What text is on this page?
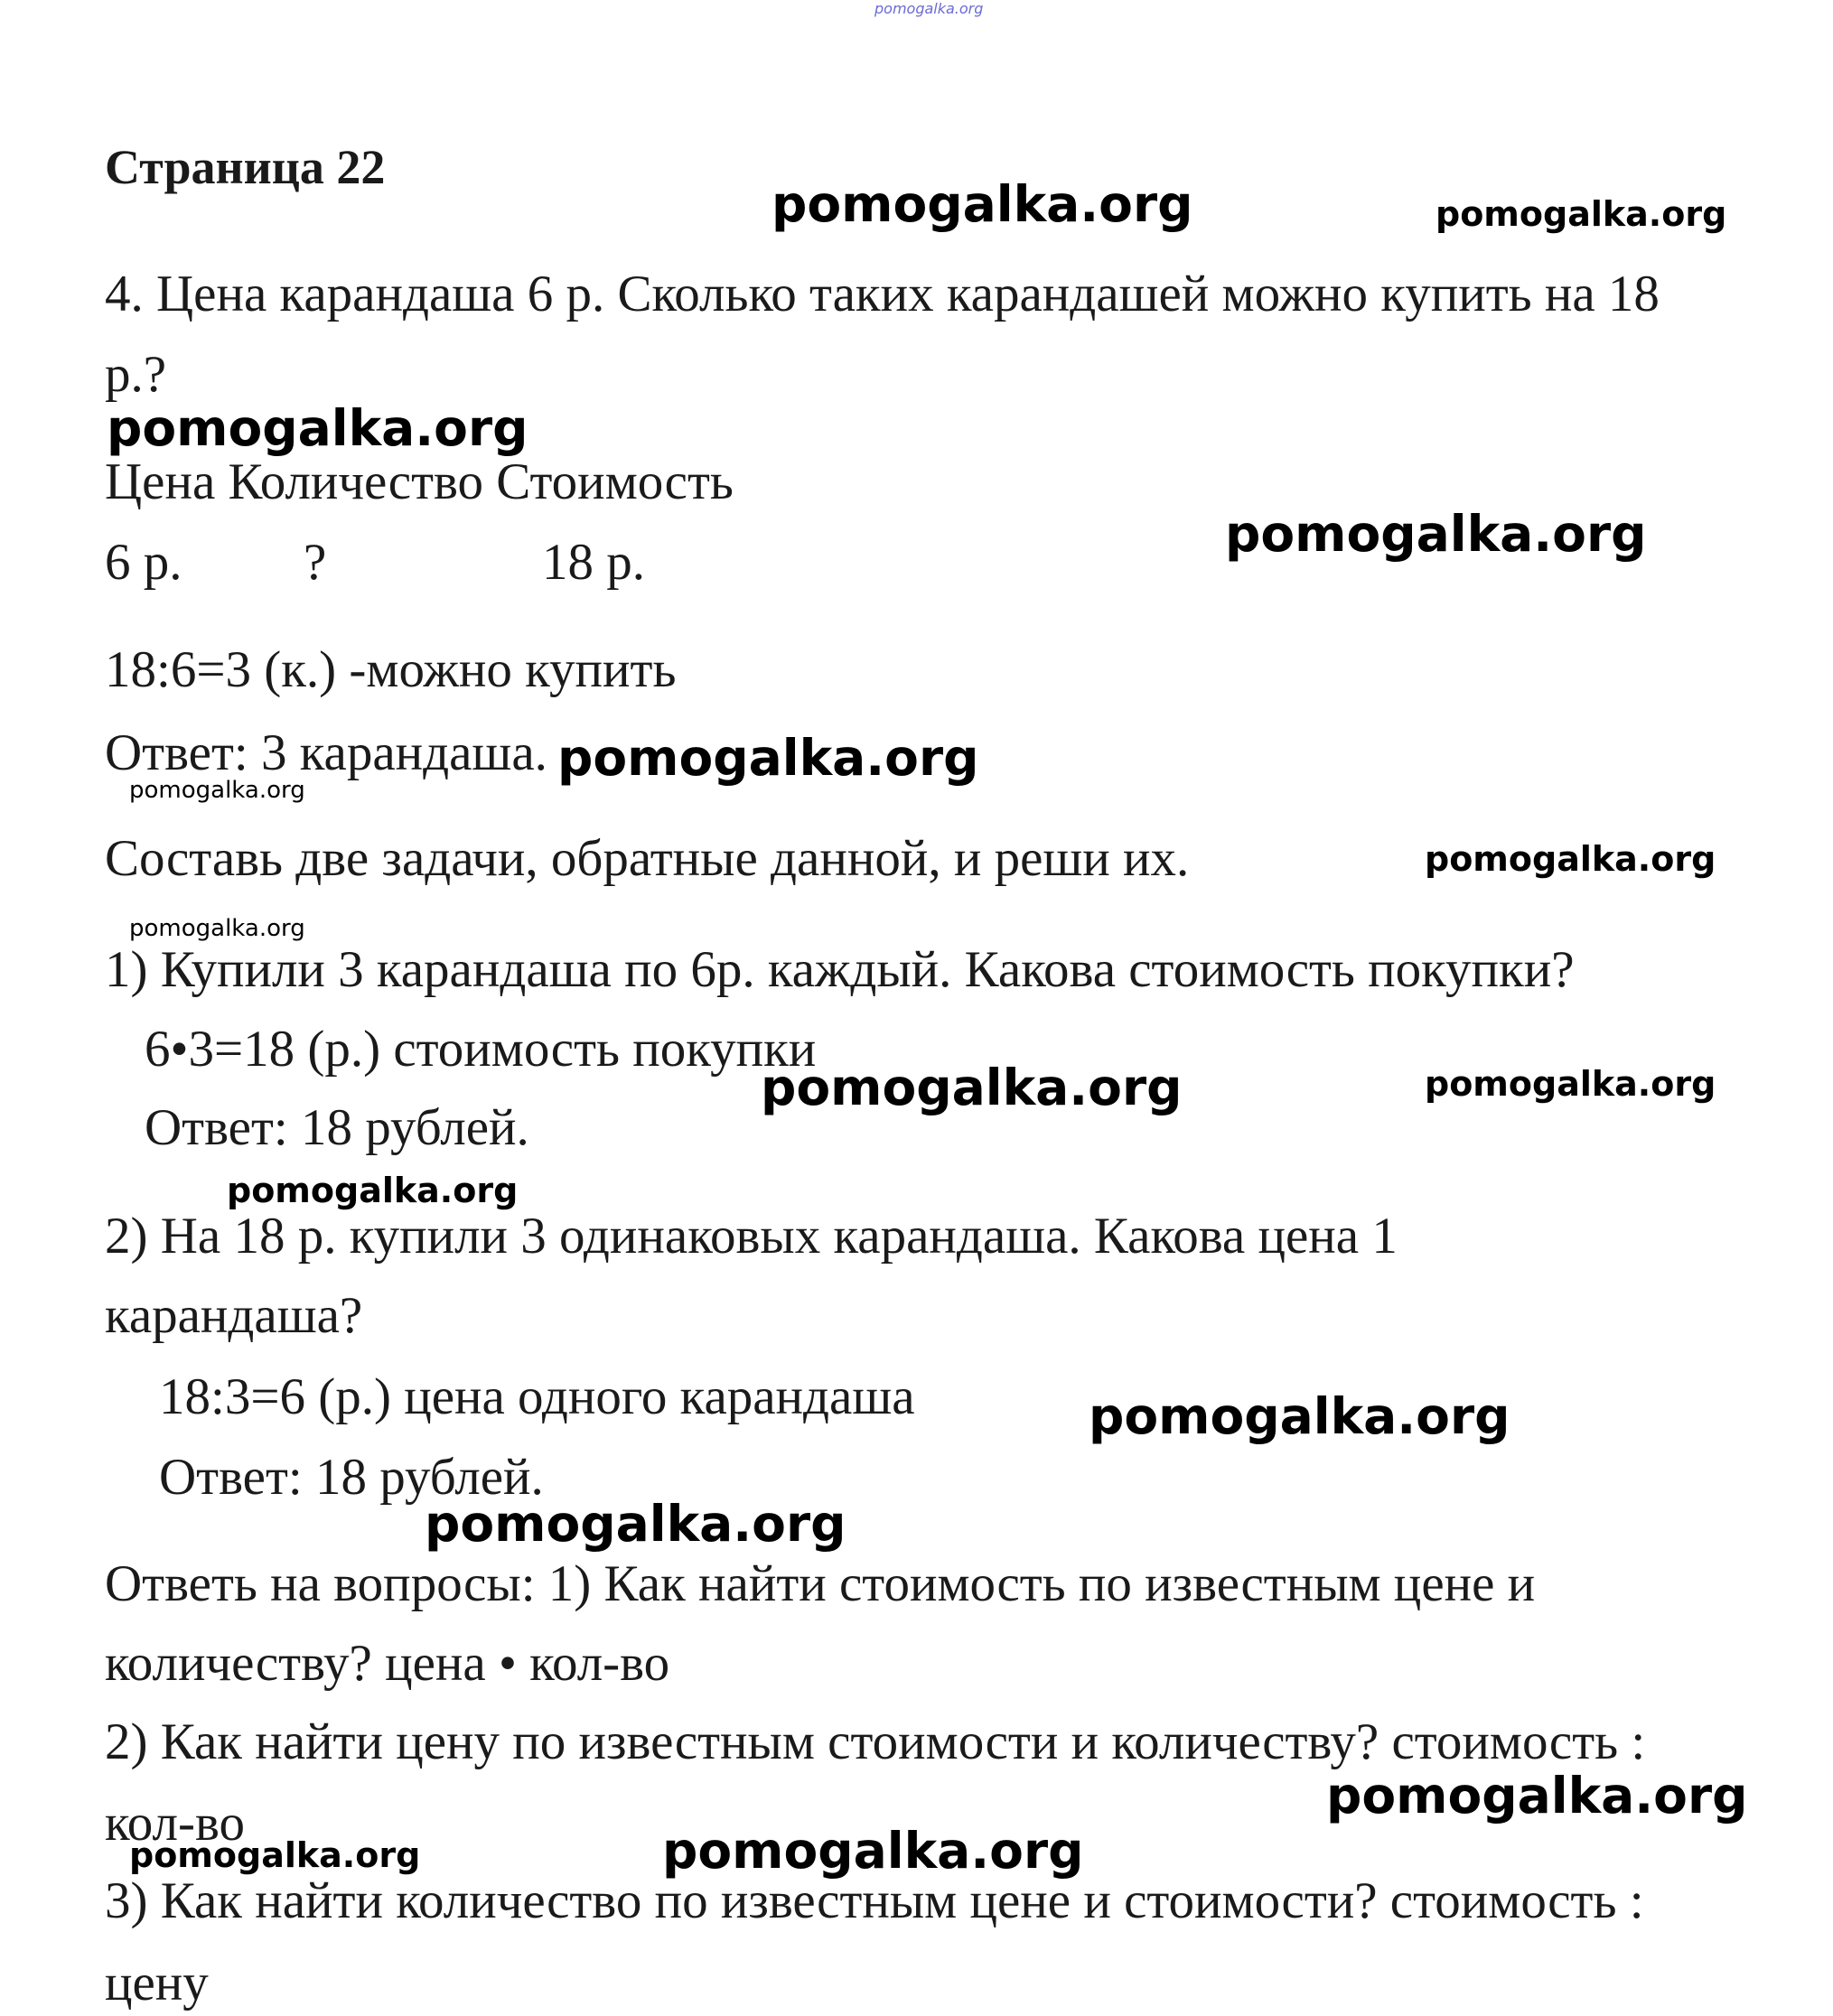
pomogalka.org
Страница 22
4. Цена карандаша 6 р. Сколько таких карандашей можно купить на 18
р.?
Цена Количество Стоимость
6 р. ?	18 р.
18:6=3 (к.) -можно купить
Ответ: 3 карандаша.
Составь две задачи, обратные данной, и реши их.
1) Купили 3 карандаша по 6р. каждый. Какова стоимость покупки?
6•3=18 (р.) стоимость покупки
Ответ: 18 рублей.
2) На 18 р. купили 3 одинаковых карандаша. Какова цена 1
карандаша?
18:3=6 (р.) цена одного карандаша
Ответ: 18 рублей.
Ответь на вопросы: 1) Как найти стоимость по известным цене и
количеству? цена • кол-во
2) Как найти цену по известным стоимости и количеству? стоимость :
кол-во
3) Как найти количество по известным цене и стоимости? стоимость :
цену
pomogalka.org	pomogalka.org
pomogalka.org
pomogalka.org
pomogalka.org
pomogalka.org
pomogalka.org
pomogalka.org
pomogalka.org	pomogalka.org
pomogalka.org
pomogalka.org
pomogalka.org
pomogalka.org
pomogalka.org	pomogalka.org
